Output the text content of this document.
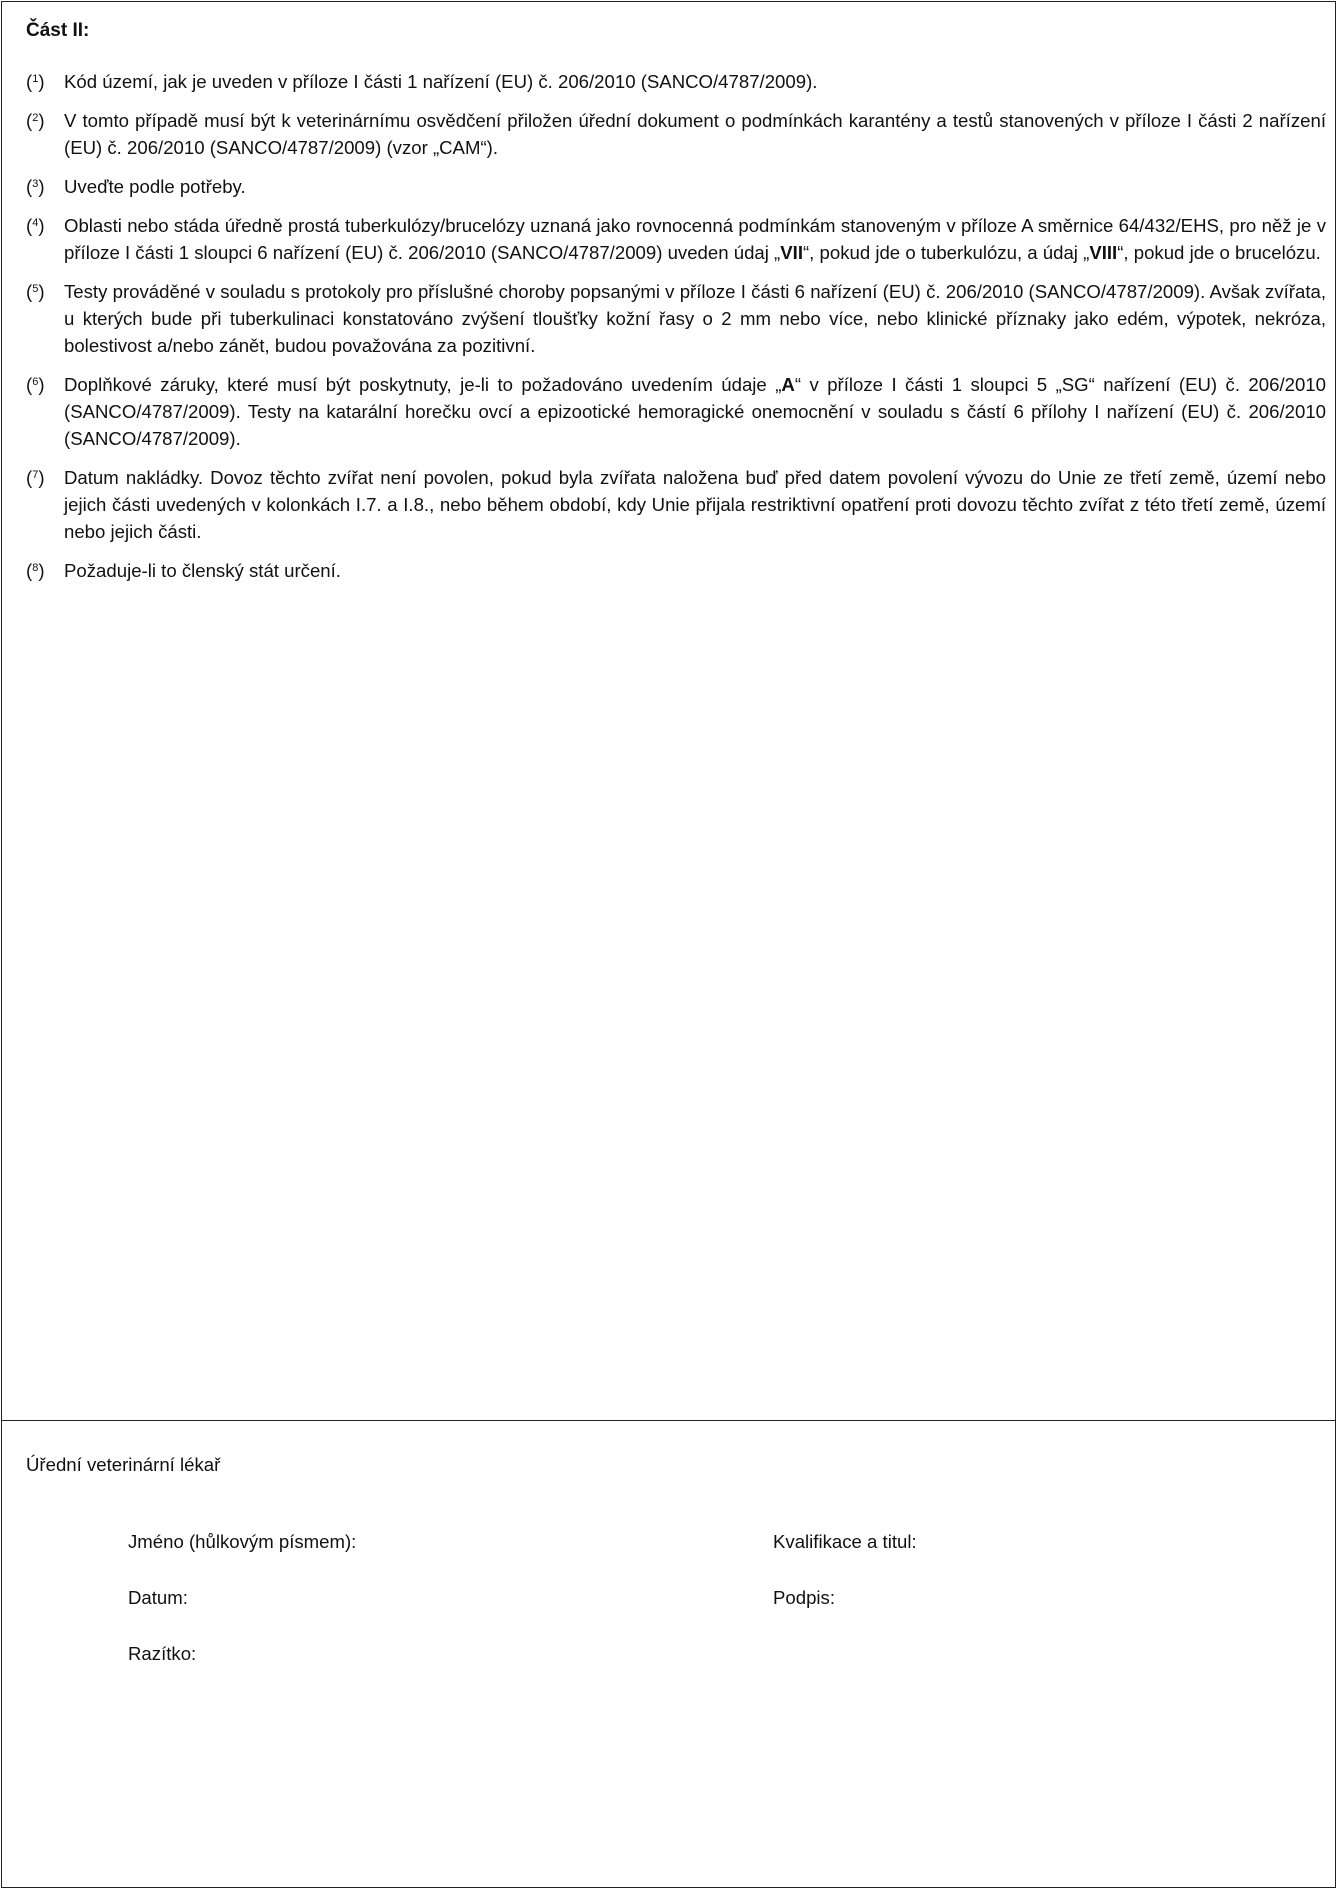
Část II:
($^1$)	Kód území, jak je uveden v příloze I části 1 nařízení (EU) č. 206/2010 (SANCO/4787/2009).
($^2$)	V tomto případě musí být k veterinárnímu osvědčení přiložen úřední dokument o podmínkách karantény a testů stanovených v příloze I části 2 nařízení (EU) č. 206/2010 (SANCO/4787/2009) (vzor „CAM“).
($^3$)	Uveďte podle potřeby.
($^4$)	Oblasti nebo stáda úředně prostá tuberkulózy/brucelózy uznaná jako rovnocenná podmínkám stanoveným v příloze A směrnice 64/432/EHS, pro něž je v příloze I části 1 sloupci 6 nařízení (EU) č. 206/2010 (SANCO/4787/2009) uveden údaj „VII“, pokud jde o tuberkulózu, a údaj „VIII“, pokud jde o brucelózu.
($^5$)	Testy prováděné v souladu s protokoly pro příslušné choroby popsanými v příloze I části 6 nařízení (EU) č. 206/2010 (SANCO/4787/2009). Avšak zvířata, u kterých bude při tuberkulinaci konstatováno zvýšení tloušťky kožní řasy o 2 mm nebo více, nebo klinické příznaky jako edém, výpotek, nekróza, bolestivost a/nebo zánět, budou považována za pozitivní.
($^6$)	Doplňkové záruky, které musí být poskytnuty, je-li to požadováno uvedením údaje „A“ v příloze I části 1 sloupci 5 „SG“ nařízení (EU) č. 206/2010 (SANCO/4787/2009). Testy na katarální horečku ovcí a epizootické hemoragické onemocnění v souladu s částí 6 přílohy I nařízení (EU) č. 206/2010 (SANCO/4787/2009).
($^7$)	Datum nakládky. Dovoz těchto zvířat není povolen, pokud byla zvířata naložena buď před datem povolení vývozu do Unie ze třetí země, území nebo jejich části uvedených v kolonkách I.7. a I.8., nebo během období, kdy Unie přijala restriktivní opatření proti dovozu těchto zvířat z této třetí země, území nebo jejich části.
($^8$)	Požaduje-li to členský stát určení.
Úřední veterinární lékař
Jméno (hůlkovým písmem):	Kvalifikace a titul:
Datum:	Podpis:
Razítko:
